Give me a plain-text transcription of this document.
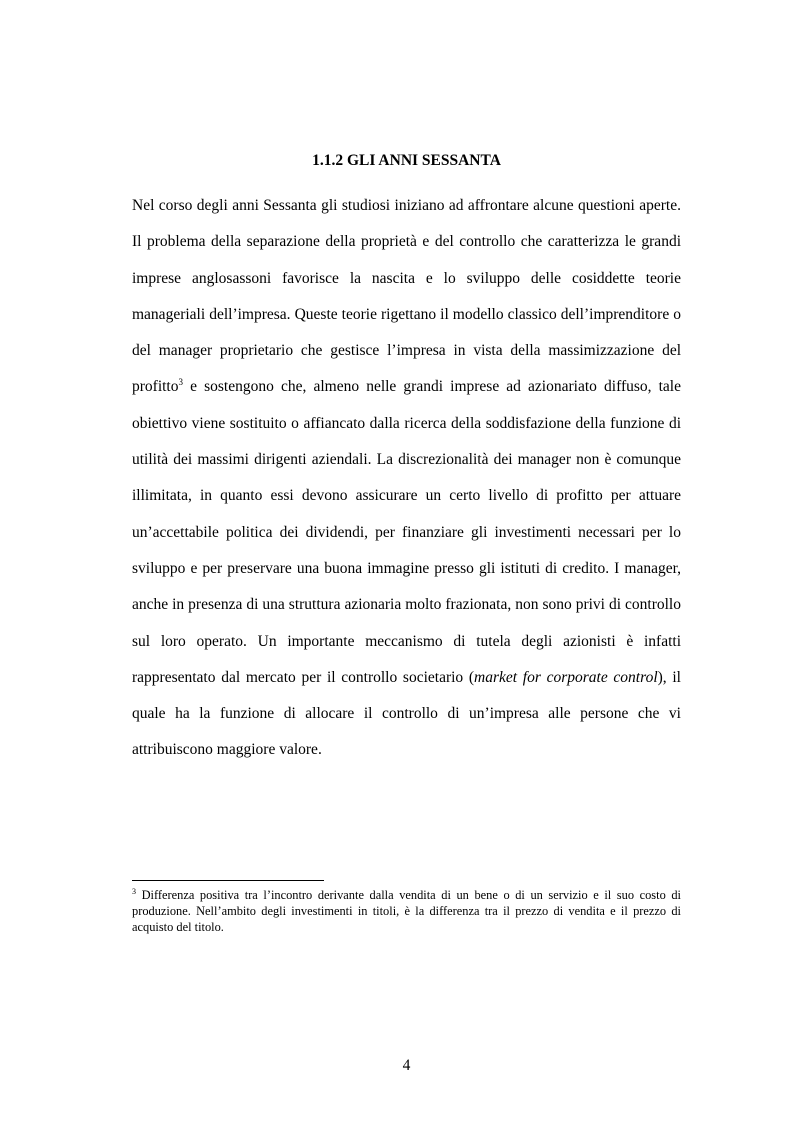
1.1.2 GLI ANNI SESSANTA

Nel corso degli anni Sessanta gli studiosi iniziano ad affrontare alcune questioni aperte. Il problema della separazione della proprietà e del controllo che caratterizza le grandi imprese anglosassoni favorisce la nascita e lo sviluppo delle cosiddette teorie manageriali dell’impresa. Queste teorie rigettano il modello classico dell’imprenditore o del manager proprietario che gestisce l’impresa in vista della massimizzazione del profitto$^3$ e sostengono che, almeno nelle grandi imprese ad azionariato diffuso, tale obiettivo viene sostituito o affiancato dalla ricerca della soddisfazione della funzione di utilità dei massimi dirigenti aziendali. La discrezionalità dei manager non è comunque illimitata, in quanto essi devono assicurare un certo livello di profitto per attuare un’accettabile politica dei dividendi, per finanziare gli investimenti necessari per lo sviluppo e per preservare una buona immagine presso gli istituti di credito. I manager, anche in presenza di una struttura azionaria molto frazionata, non sono privi di controllo sul loro operato. Un importante meccanismo di tutela degli azionisti è infatti rappresentato dal mercato per il controllo societario (market for corporate control), il quale ha la funzione di allocare il controllo di un’impresa alle persone che vi attribuiscono maggiore valore.

$^3$ Differenza positiva tra l’incontro derivante dalla vendita di un bene o di un servizio e il suo costo di produzione. Nell’ambito degli investimenti in titoli, è la differenza tra il prezzo di vendita e il prezzo di acquisto del titolo.

4
